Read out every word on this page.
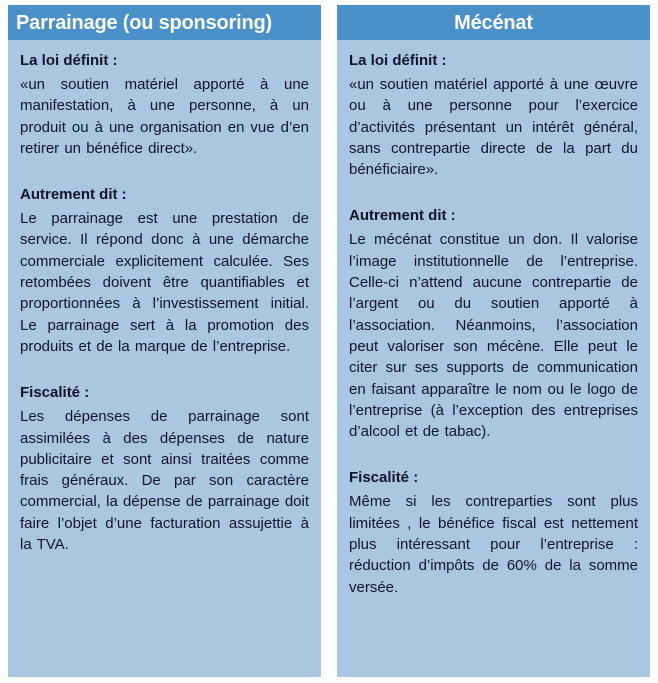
Parrainage (ou sponsoring)
La loi définit :

«un soutien matériel apporté à une manifestation, à une personne, à un produit ou à une organisation en vue d’en retirer un bénéfice direct».

Autrement dit :

Le parrainage est une prestation de service. Il répond donc à une démarche commerciale explicitement calculée. Ses retombées doivent être quantifiables et proportionnées à l’investissement initial. Le parrainage sert à la promotion des produits et de la marque de l’entreprise.

Fiscalité :

Les dépenses de parrainage sont assimilées à des dépenses de nature publicitaire et sont ainsi traitées comme frais généraux. De par son caractère commercial, la dépense de parrainage doit faire l’objet d’une facturation assujettie à la TVA.

Mécénat
La loi définit :

«un soutien matériel apporté à une œuvre ou à une personne pour l’exercice d’activités présentant un intérêt général, sans contrepartie directe de la part du bénéficiaire».

Autrement dit :

Le mécénat constitue un don. Il valorise l’image institutionnelle de l’entreprise. Celle-ci n’attend aucune contrepartie de l’argent ou du soutien apporté à l’association. Néanmoins, l’association peut valoriser son mécène. Elle peut le citer sur ses supports de communication en faisant apparaître le nom ou le logo de l’entreprise (à l’exception des entreprises d’alcool et de tabac).

Fiscalité :

Même si les contreparties sont plus limitées , le bénéfice fiscal est nettement plus intéressant pour l’entreprise : réduction d’impôts de 60% de la somme versée.
